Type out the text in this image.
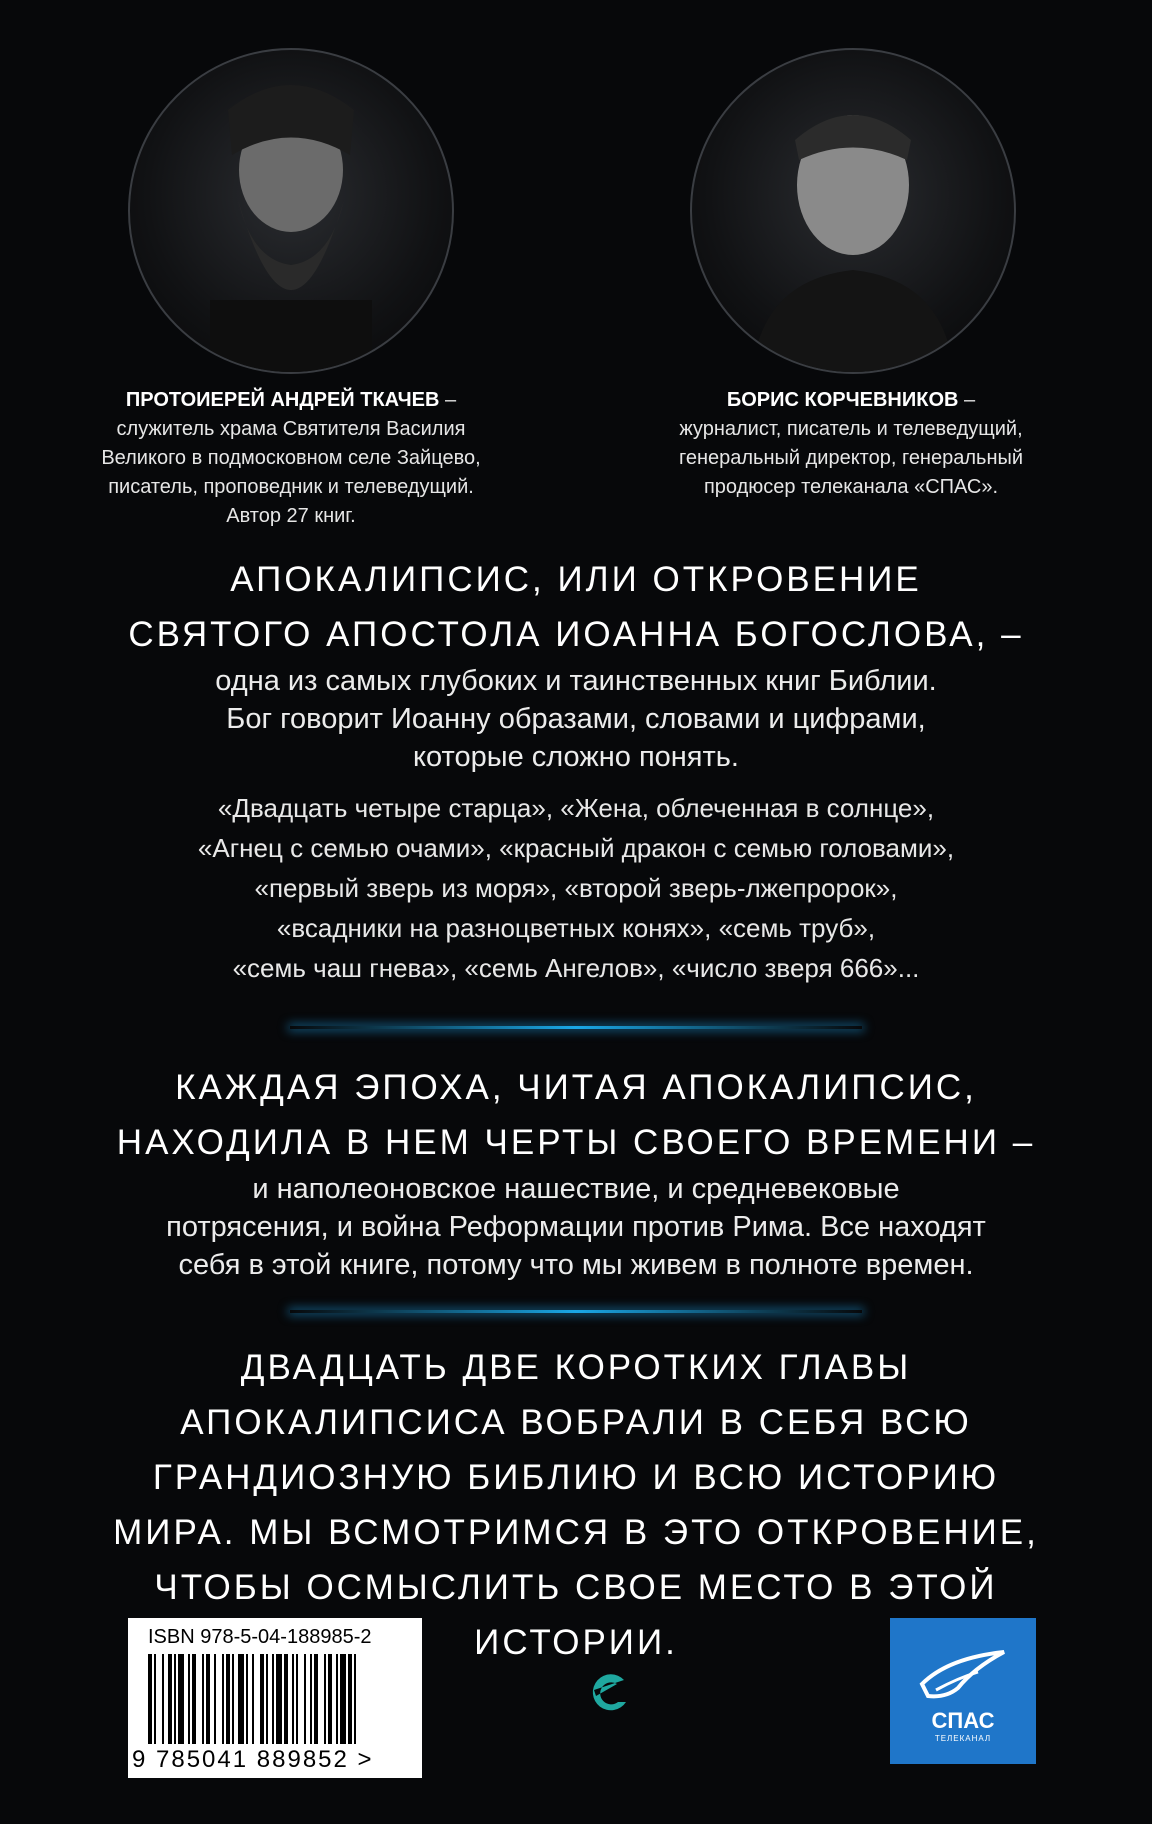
ПРОТОИЕРЕЙ АНДРЕЙ ТКАЧЕВ –
служитель храма Святителя Василия
Великого в подмосковном селе Зайцево,
писатель, проповедник и телеведущий.
Автор 27 книг.
БОРИС КОРЧЕВНИКОВ –
журналист, писатель и телеведущий,
генеральный директор, генеральный
продюсер телеканала «СПАС».

АПОКАЛИПСИС, ИЛИ ОТКРОВЕНИЕ

СВЯТОГО АПОСТОЛА ИОАННА БОГОСЛОВА, –

одна из самых глубоких и таинственных книг Библии.

Бог говорит Иоанну образами, словами и цифрами,

которые сложно понять.

«Двадцать четыре старца», «Жена, облеченная в солнце»,

«Агнец с семью очами», «красный дракон с семью головами»,

«первый зверь из моря», «второй зверь-лжепророк»,

«всадники на разноцветных конях», «семь труб»,

«семь чаш гнева», «семь Ангелов», «число зверя 666»...

КАЖДАЯ ЭПОХА, ЧИТАЯ АПОКАЛИПСИС,

НАХОДИЛА В НЕМ ЧЕРТЫ СВОЕГО ВРЕМЕНИ –

и наполеоновское нашествие, и средневековые

потрясения, и война Реформации против Рима. Все находят

себя в этой книге, потому что мы живем в полноте времен.

ДВАДЦАТЬ ДВЕ КОРОТКИХ ГЛАВЫ

АПОКАЛИПСИСА ВОБРАЛИ В СЕБЯ ВСЮ

ГРАНДИОЗНУЮ БИБЛИЮ И ВСЮ ИСТОРИЮ

МИРА. МЫ ВСМОТРИМСЯ В ЭТО ОТКРОВЕНИЕ,

ЧТОБЫ ОСМЫСЛИТЬ СВОЕ МЕСТО В ЭТОЙ ИСТОРИИ.

ISBN 978-5-04-188985-2
9 785041 889852 >
СПАС
ТЕЛЕКАНАЛ
